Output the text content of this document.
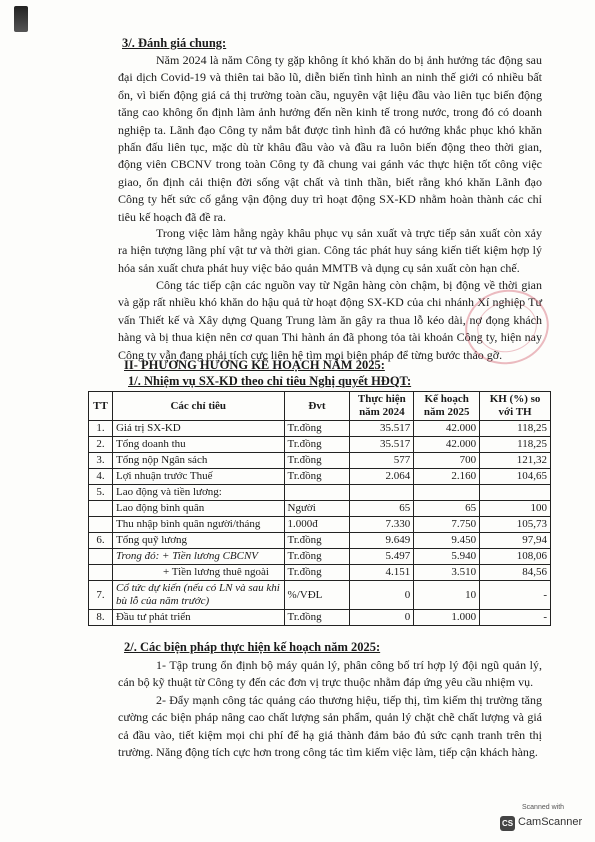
3/. Đánh giá chung:

Năm 2024 là năm Công ty gặp không ít khó khăn do bị ảnh hưởng tác động sau đại dịch Covid-19 và thiên tai bão lũ, diễn biến tình hình an ninh thế giới có nhiều bất ổn, vì biến động giá cả thị trường toàn cầu, nguyên vật liệu đầu vào liên tục biến động tăng cao không ổn định làm ảnh hưởng đến nền kinh tế trong nước, trong đó có doanh nghiệp ta. Lãnh đạo Công ty nắm bắt được tình hình đã có hướng khắc phục khó khăn phấn đấu liên tục, mặc dù từ khâu đầu vào và đầu ra luôn biến động theo thời gian, động viên CBCNV trong toàn Công ty đã chung vai gánh vác thực hiện tốt công việc giao, ổn định cải thiện đời sống vật chất và tinh thần, biết rằng khó khăn Lãnh đạo Công ty hết sức cố gắng vận động duy trì hoạt động SX-KD nhằm hoàn thành các chỉ tiêu kế hoạch đã đề ra.

Trong việc làm hằng ngày khâu phục vụ sản xuất và trực tiếp sản xuất còn xảy ra hiện tượng lãng phí vật tư và thời gian. Công tác phát huy sáng kiến tiết kiệm hợp lý hóa sản xuất chưa phát huy việc bảo quản MMTB và dụng cụ sản xuất còn hạn chế.

Công tác tiếp cận các nguồn vay từ Ngân hàng còn chậm, bị động về thời gian và gặp rất nhiều khó khăn do hậu quả từ hoạt động SX-KD của chi nhánh Xí nghiệp Tư vấn Thiết kế và Xây dựng Quang Trung làm ăn gây ra thua lỗ kéo dài, nợ đọng khách hàng và bị thua kiện nên cơ quan Thi hành án đã phong tỏa tài khoản Công ty, hiện nay Công ty vẫn đang phải tích cực liên hệ tìm mọi biện pháp để từng bước tháo gỡ.

II- PHƯƠNG HƯỚNG KẾ HOẠCH NĂM 2025:
1/. Nhiệm vụ SX-KD theo chỉ tiêu Nghị quyết HĐQT:
TT	Các chỉ tiêu	Đvt	Thực hiện năm 2024	Kế hoạch năm 2025	KH (%) so với TH
1.	Giá trị SX-KD	Tr.đồng	35.517	42.000	118,25
2.	Tổng doanh thu	Tr.đồng	35.517	42.000	118,25
3.	Tổng nộp Ngân sách	Tr.đồng	577	700	121,32
4.	Lợi nhuận trước Thuế	Tr.đồng	2.064	2.160	104,65
5.	Lao động và tiền lương:				
	Lao động bình quân	Người	65	65	100
	Thu nhập bình quân người/tháng	1.000đ	7.330	7.750	105,73
6.	Tổng quỹ lương	Tr.đồng	9.649	9.450	97,94
	Trong đó: + Tiền lương CBCNV	Tr.đồng	5.497	5.940	108,06
	+ Tiền lương thuê ngoài	Tr.đồng	4.151	3.510	84,56
7.	Cổ tức dự kiến (nếu có LN và sau khi bù lỗ của năm trước)	%/VĐL	0	10	-
8.	Đầu tư phát triển	Tr.đồng	0	1.000	-
2/. Các biện pháp thực hiện kế hoạch năm 2025:

1- Tập trung ổn định bộ máy quản lý, phân công bố trí hợp lý đội ngũ quản lý, cán bộ kỹ thuật từ Công ty đến các đơn vị trực thuộc nhằm đáp ứng yêu cầu nhiệm vụ.

2- Đẩy mạnh công tác quảng cáo thương hiệu, tiếp thị, tìm kiếm thị trường tăng cường các biện pháp nâng cao chất lượng sản phẩm, quản lý chặt chẽ chất lượng và giá cả đầu vào, tiết kiệm mọi chi phí để hạ giá thành đảm bảo đủ sức cạnh tranh trên thị trường. Năng động tích cực hơn trong công tác tìm kiếm việc làm, tiếp cận khách hàng.

Scanned with
CS CamScanner
